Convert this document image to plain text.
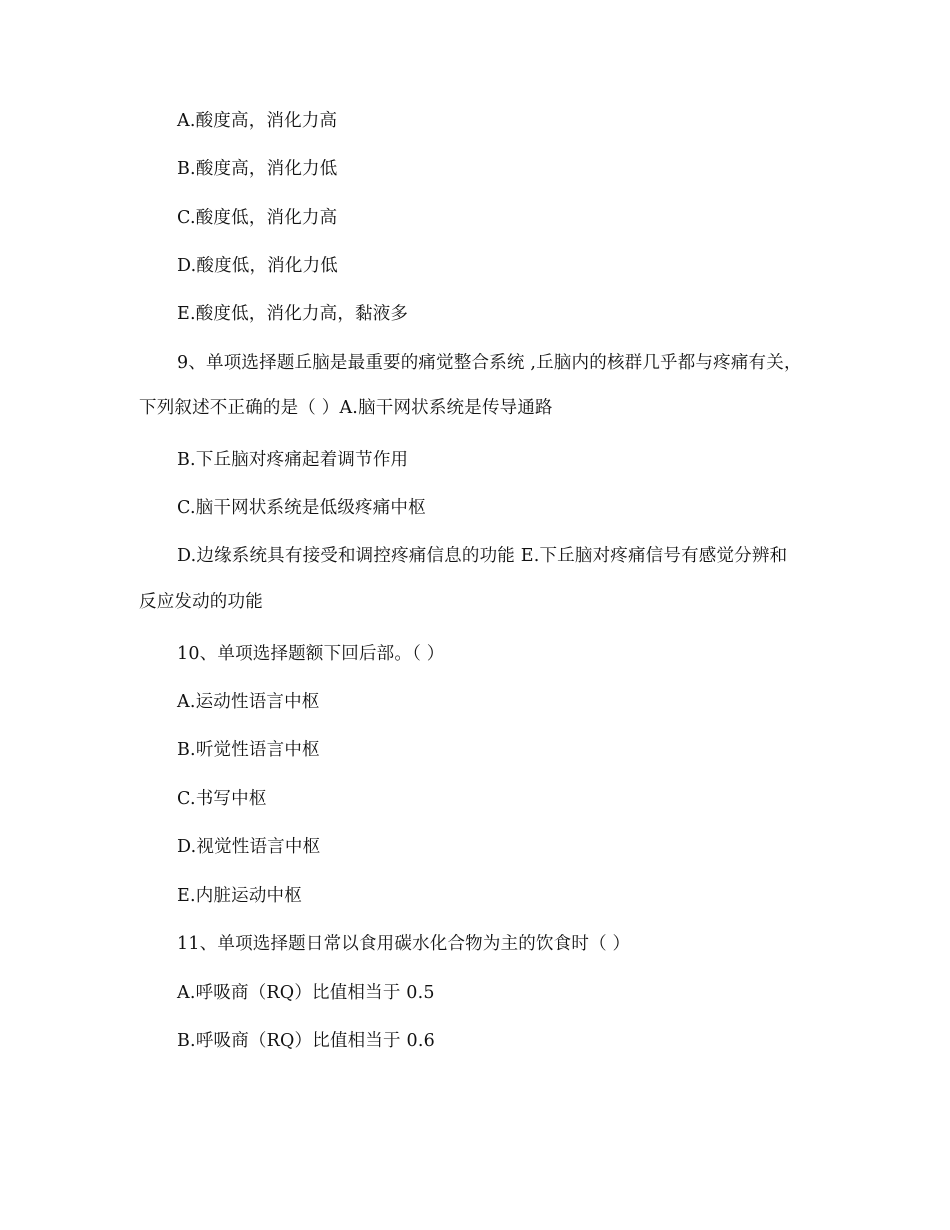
A.酸度高，消化力高
B.酸度高，消化力低
C.酸度低，消化力高
D.酸度低，消化力低
E.酸度低，消化力高，黏液多
9、单项选择题丘脑是最重要的痛觉整合系统 ,丘脑内的核群几乎都与疼痛有关，
下列叙述不正确的是（ ）A.脑干网状系统是传导通路
B.下丘脑对疼痛起着调节作用
C.脑干网状系统是低级疼痛中枢
D.边缘系统具有接受和调控疼痛信息的功能 E.下丘脑对疼痛信号有感觉分辨和
反应发动的功能
10、单项选择题额下回后部。（ ）
A.运动性语言中枢
B.听觉性语言中枢
C.书写中枢
D.视觉性语言中枢
E.内脏运动中枢
11、单项选择题日常以食用碳水化合物为主的饮食时（ ）
A.呼吸商（RQ）比值相当于 0.5
B.呼吸商（RQ）比值相当于 0.6
